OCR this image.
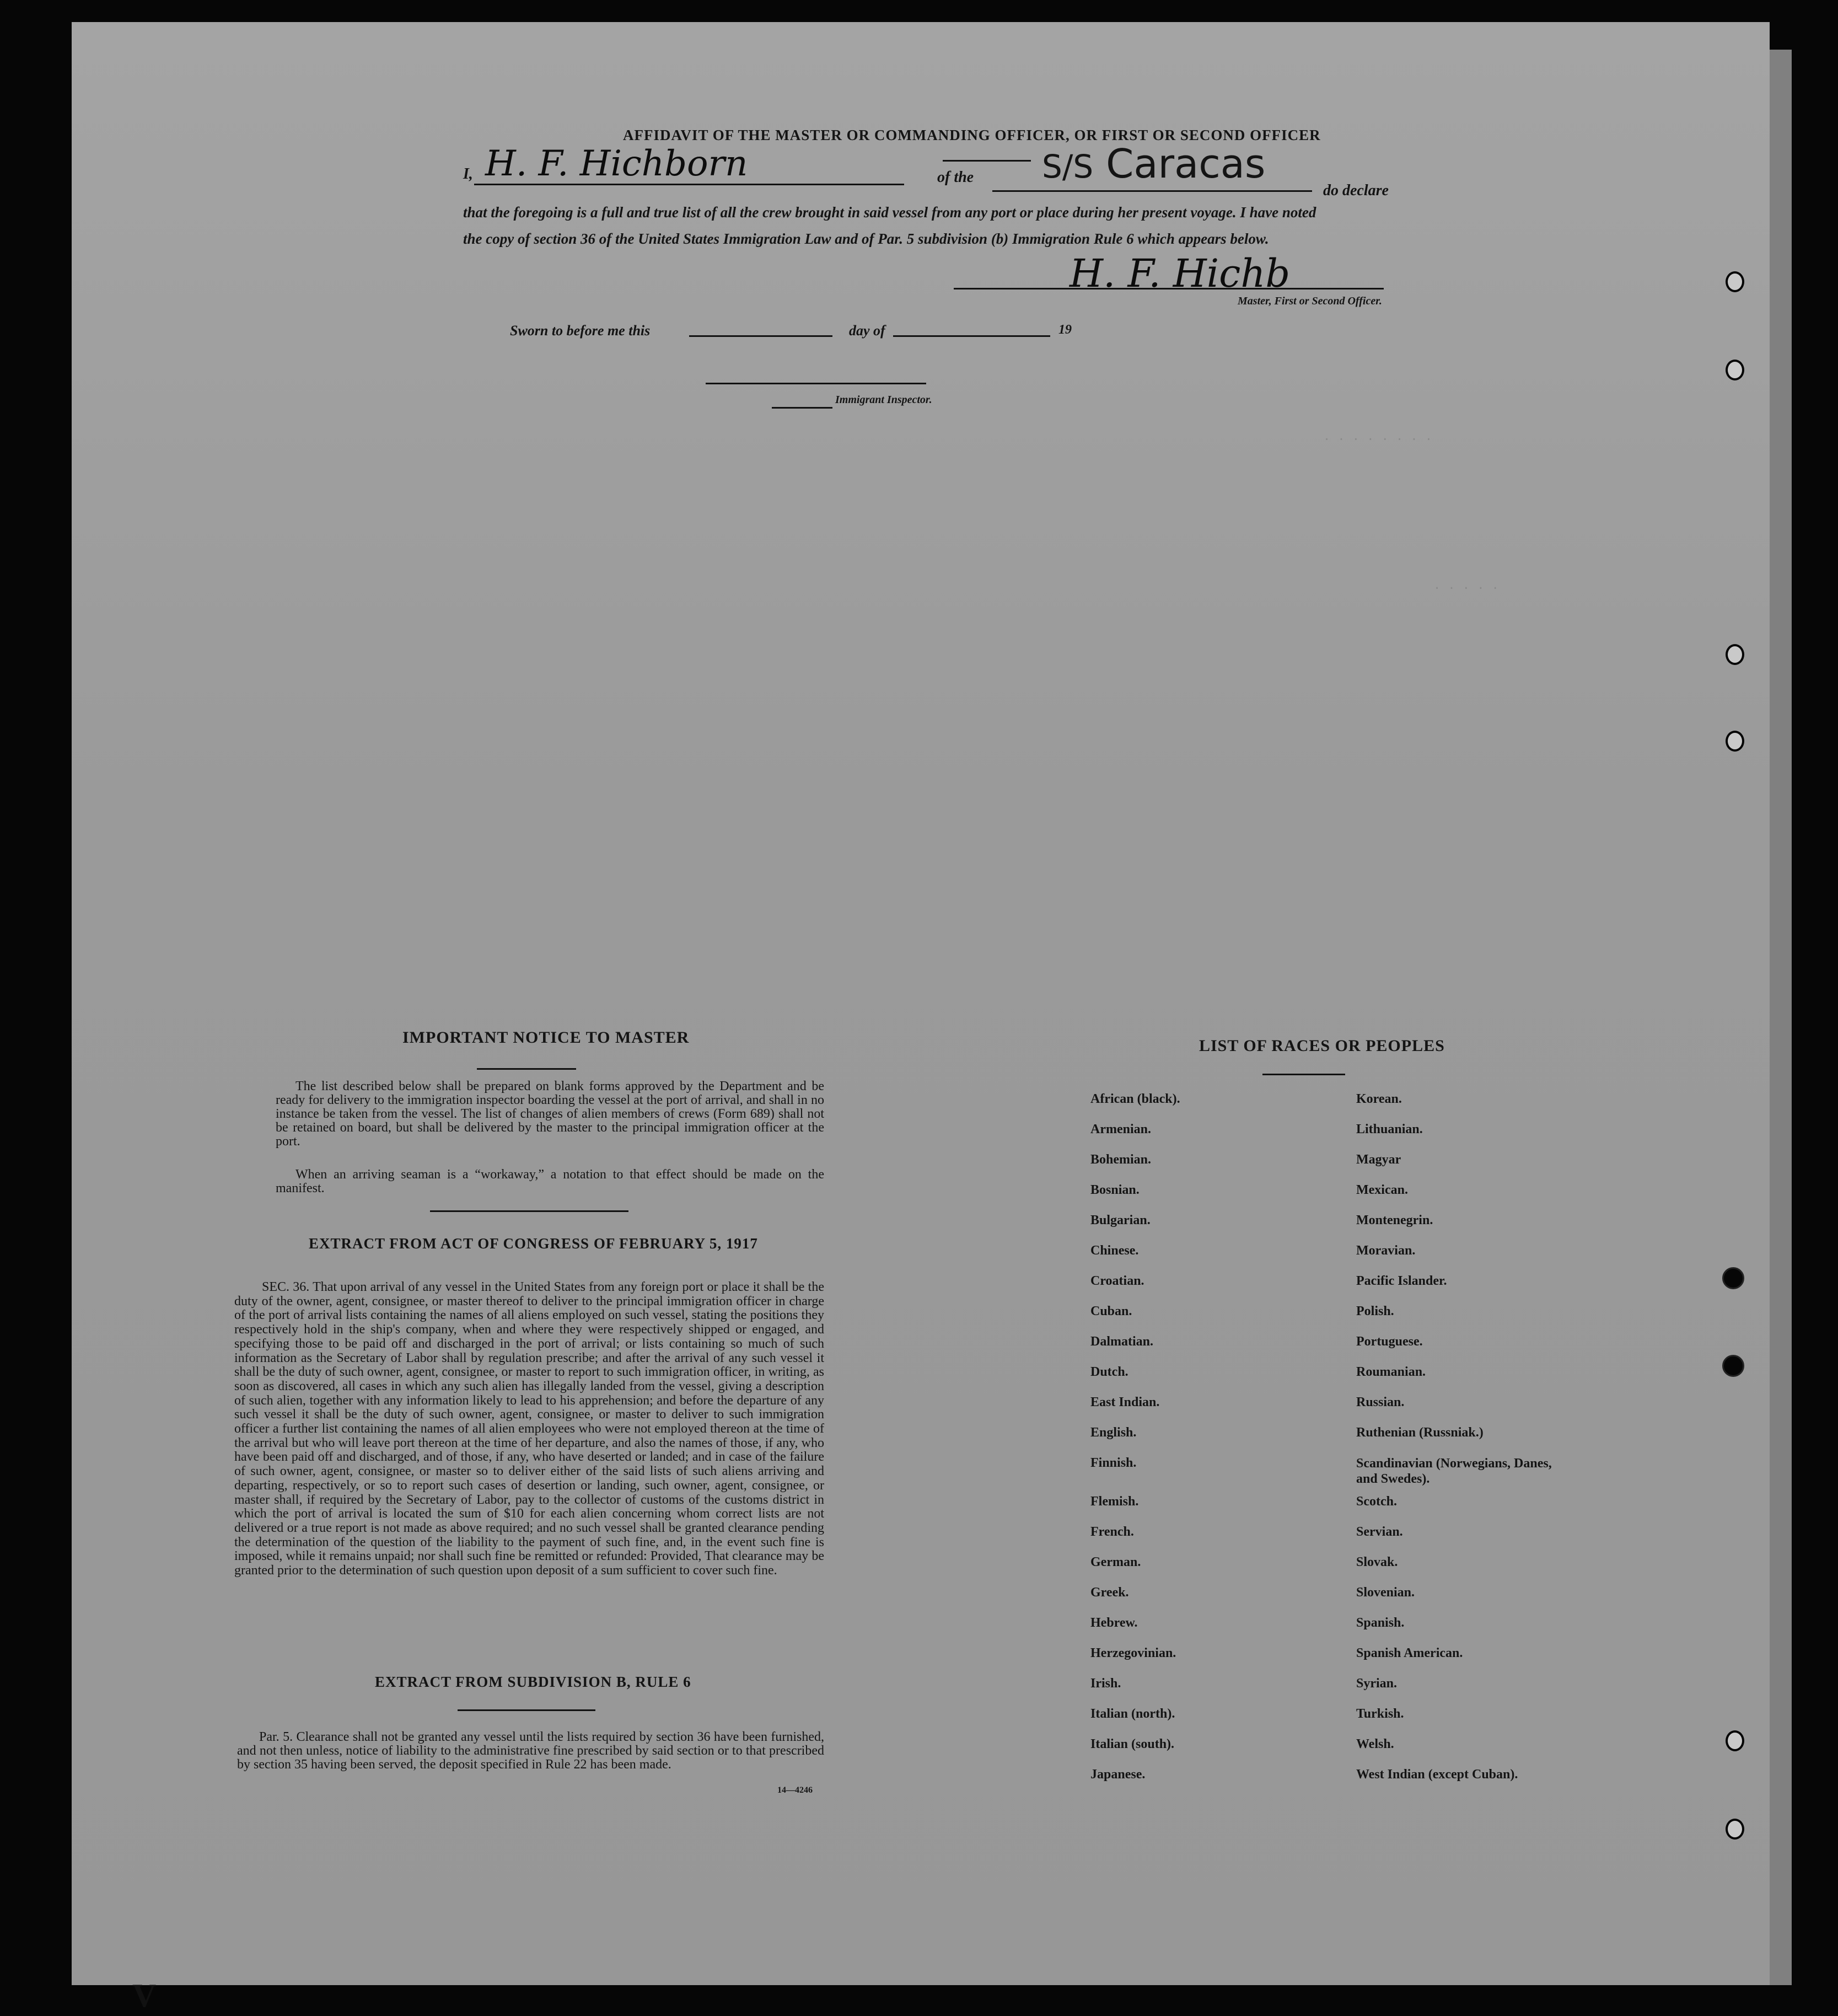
. . . . . . . .
. . . . .
AFFIDAVIT OF THE MASTER OR COMMANDING OFFICER, OR FIRST OR SECOND OFFICER
I, H. F. Hichborn	of the S/S Caracas
do declare
that the foregoing is a full and true list of all the crew brought in said vessel from any port or place during her present voyage. I have noted
the copy of section 36 of the United States Immigration Law and of Par. 5 subdivision (b) Immigration Rule 6 which appears below.
H. F. Hichb
Master, First or Second Officer.
Sworn to before me this	day of	19
Immigrant Inspector.
IMPORTANT NOTICE TO MASTER
The list described below shall be prepared on blank forms approved by the Department and be ready for delivery to the immigration inspector boarding the vessel at the port of arrival, and shall in no instance be taken from the vessel. The list of changes of alien members of crews (Form 689) shall not be retained on board, but shall be delivered by the master to the principal immigration officer at the port.
When an arriving seaman is a “workaway,” a notation to that effect should be made on the manifest.
EXTRACT FROM ACT OF CONGRESS OF FEBRUARY 5, 1917
SEC. 36. That upon arrival of any vessel in the United States from any foreign port or place it shall be the duty of the owner, agent, consignee, or master thereof to deliver to the principal immigration officer in charge of the port of arrival lists containing the names of all aliens employed on such vessel, stating the positions they respectively hold in the ship's company, when and where they were respectively shipped or engaged, and specifying those to be paid off and discharged in the port of arrival; or lists containing so much of such information as the Secretary of Labor shall by regulation prescribe; and after the arrival of any such vessel it shall be the duty of such owner, agent, consignee, or master to report to such immigration officer, in writing, as soon as discovered, all cases in which any such alien has illegally landed from the vessel, giving a description of such alien, together with any information likely to lead to his apprehension; and before the departure of any such vessel it shall be the duty of such owner, agent, consignee, or master to deliver to such immigration officer a further list containing the names of all alien employees who were not employed thereon at the time of the arrival but who will leave port thereon at the time of her departure, and also the names of those, if any, who have been paid off and discharged, and of those, if any, who have deserted or landed; and in case of the failure of such owner, agent, consignee, or master so to deliver either of the said lists of such aliens arriving and departing, respectively, or so to report such cases of desertion or landing, such owner, agent, consignee, or master shall, if required by the Secretary of Labor, pay to the collector of customs of the customs district in which the port of arrival is located the sum of $10 for each alien concerning whom correct lists are not delivered or a true report is not made as above required; and no such vessel shall be granted clearance pending the determination of the question of the liability to the payment of such fine, and, in the event such fine is imposed, while it remains unpaid; nor shall such fine be remitted or refunded: Provided, That clearance may be granted prior to the determination of such question upon deposit of a sum sufficient to cover such fine.
EXTRACT FROM SUBDIVISION B, RULE 6
Par. 5. Clearance shall not be granted any vessel until the lists required by section 36 have been furnished, and not then unless, notice of liability to the administrative fine prescribed by said section or to that prescribed by section 35 having been served, the deposit specified in Rule 22 has been made.
14—4246
LIST OF RACES OR PEOPLES
African (black).
Armenian.
Bohemian.
Bosnian.
Bulgarian.
Chinese.
Croatian.
Cuban.
Dalmatian.
Dutch.
East Indian.
English.
Finnish.
Flemish.
French.
German.
Greek.
Hebrew.
Herzegovinian.
Irish.
Italian (north).
Italian (south).
Japanese.
Korean.
Lithuanian.
Magyar
Mexican.
Montenegrin.
Moravian.
Pacific Islander.
Polish.
Portuguese.
Roumanian.
Russian.
Ruthenian (Russniak.)
Scandinavian (Norwegians, Danes, and Swedes).
Scotch.
Servian.
Slovak.
Slovenian.
Spanish.
Spanish American.
Syrian.
Turkish.
Welsh.
West Indian (except Cuban).
V
